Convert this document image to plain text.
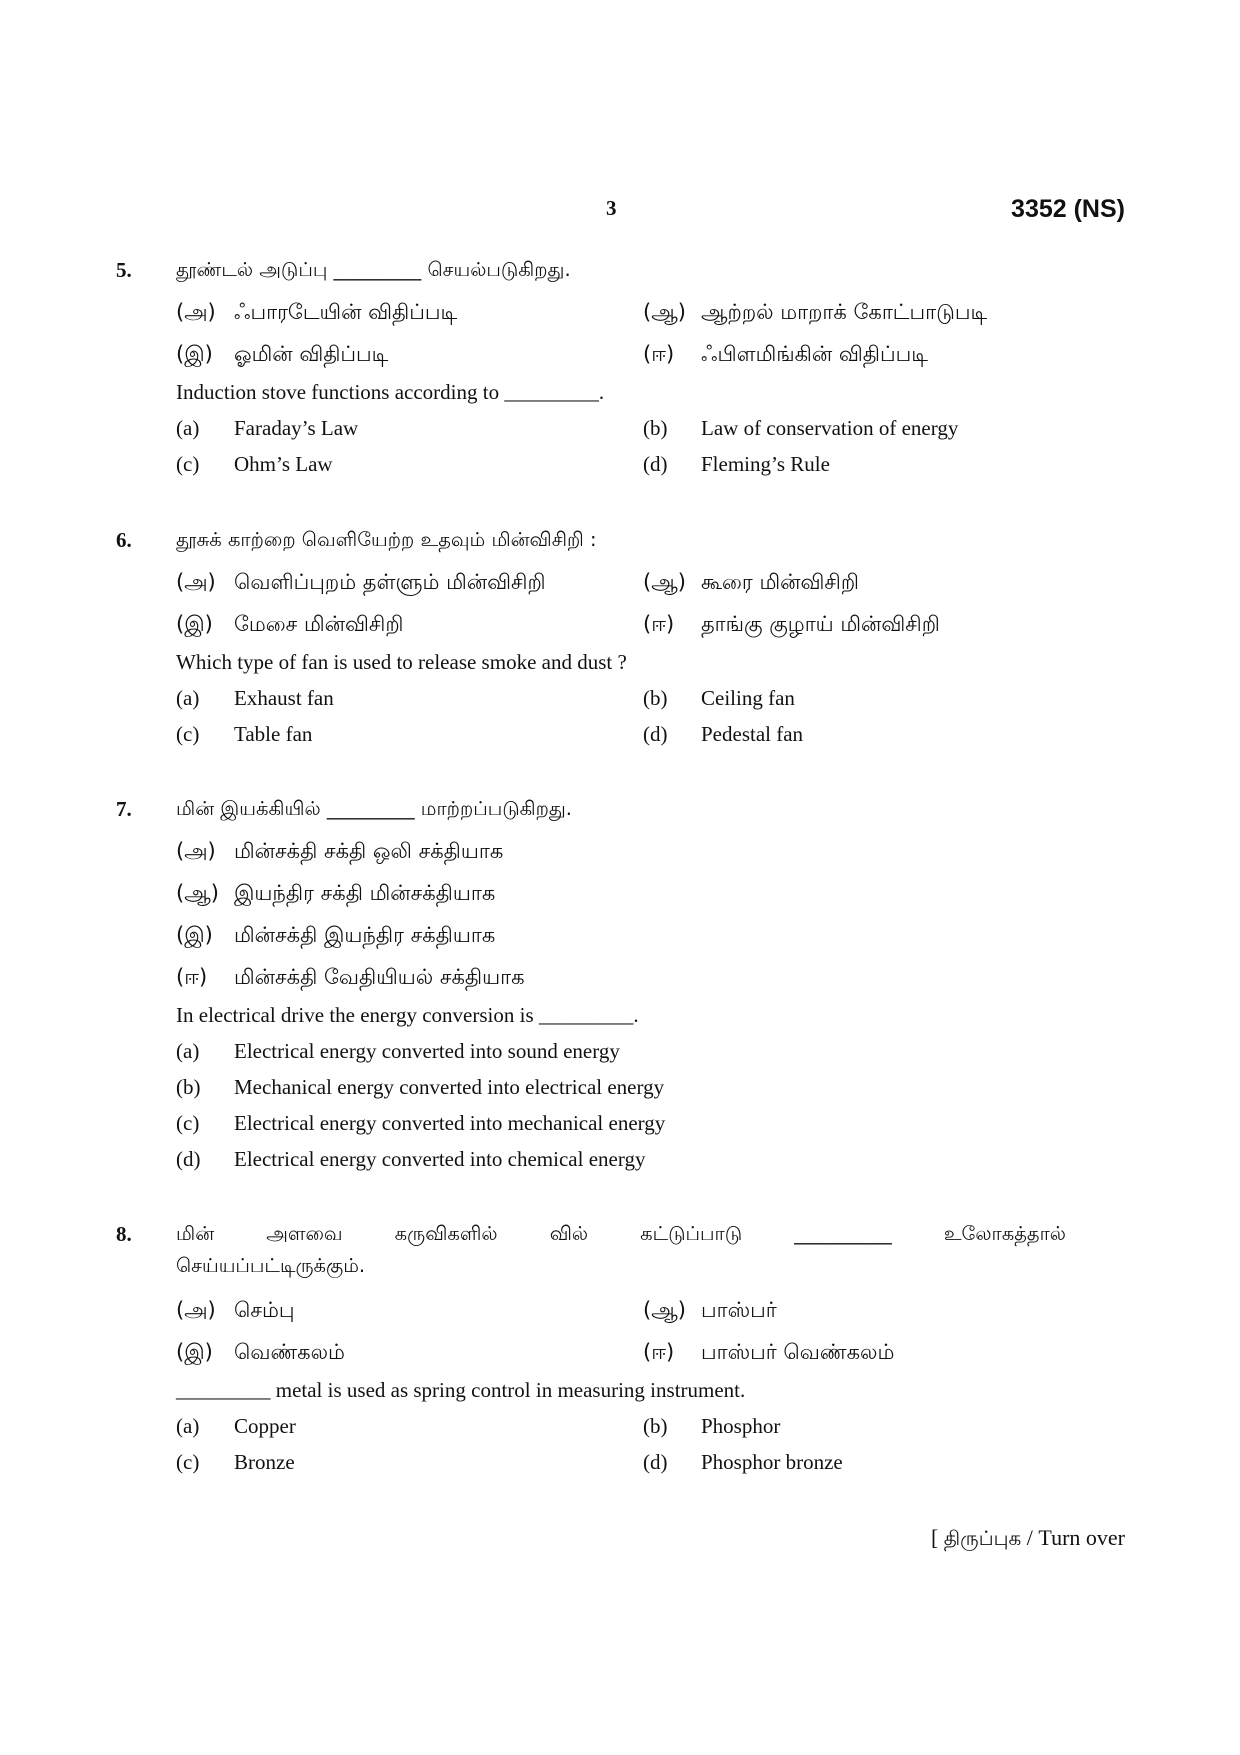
3	3352 (NS)
5. தூண்டல் அடுப்பு _________ செயல்படுகிறது.
(அ) ஃபாரடேயின் விதிப்படி	(ஆ) ஆற்றல் மாறாக் கோட்பாடுபடி
(இ) ஓமின் விதிப்படி	(ஈ) ஃபிளமிங்கின் விதிப்படி
Induction stove functions according to _________.
(a) Faraday’s Law	(b) Law of conservation of energy
(c) Ohm’s Law	(d) Fleming’s Rule
6. தூசுக் காற்றை வெளியேற்ற உதவும் மின்விசிறி :
(அ) வெளிப்புறம் தள்ளும் மின்விசிறி	(ஆ) கூரை மின்விசிறி
(இ) மேசை மின்விசிறி	(ஈ) தாங்கு குழாய் மின்விசிறி
Which type of fan is used to release smoke and dust ?
(a) Exhaust fan	(b) Ceiling fan
(c) Table fan	(d) Pedestal fan
7. மின் இயக்கியில் _________ மாற்றப்படுகிறது.
(அ) மின்சக்தி சக்தி ஒலி சக்தியாக
(ஆ) இயந்திர சக்தி மின்சக்தியாக
(இ) மின்சக்தி இயந்திர சக்தியாக
(ஈ) மின்சக்தி வேதியியல் சக்தியாக
In electrical drive the energy conversion is _________.
(a) Electrical energy converted into sound energy
(b) Mechanical energy converted into electrical energy
(c) Electrical energy converted into mechanical energy
(d) Electrical energy converted into chemical energy
8. மின்	அளவை	கருவிகளில்	வில்	கட்டுப்பாடு	__________	உலோகத்தால்
செய்யப்பட்டிருக்கும்.
(அ) செம்பு	(ஆ) பாஸ்பர்
(இ) வெண்கலம்	(ஈ) பாஸ்பர் வெண்கலம்
_________ metal is used as spring control in measuring instrument.
(a) Copper	(b) Phosphor
(c) Bronze	(d) Phosphor bronze
[ திருப்புக / Turn over
